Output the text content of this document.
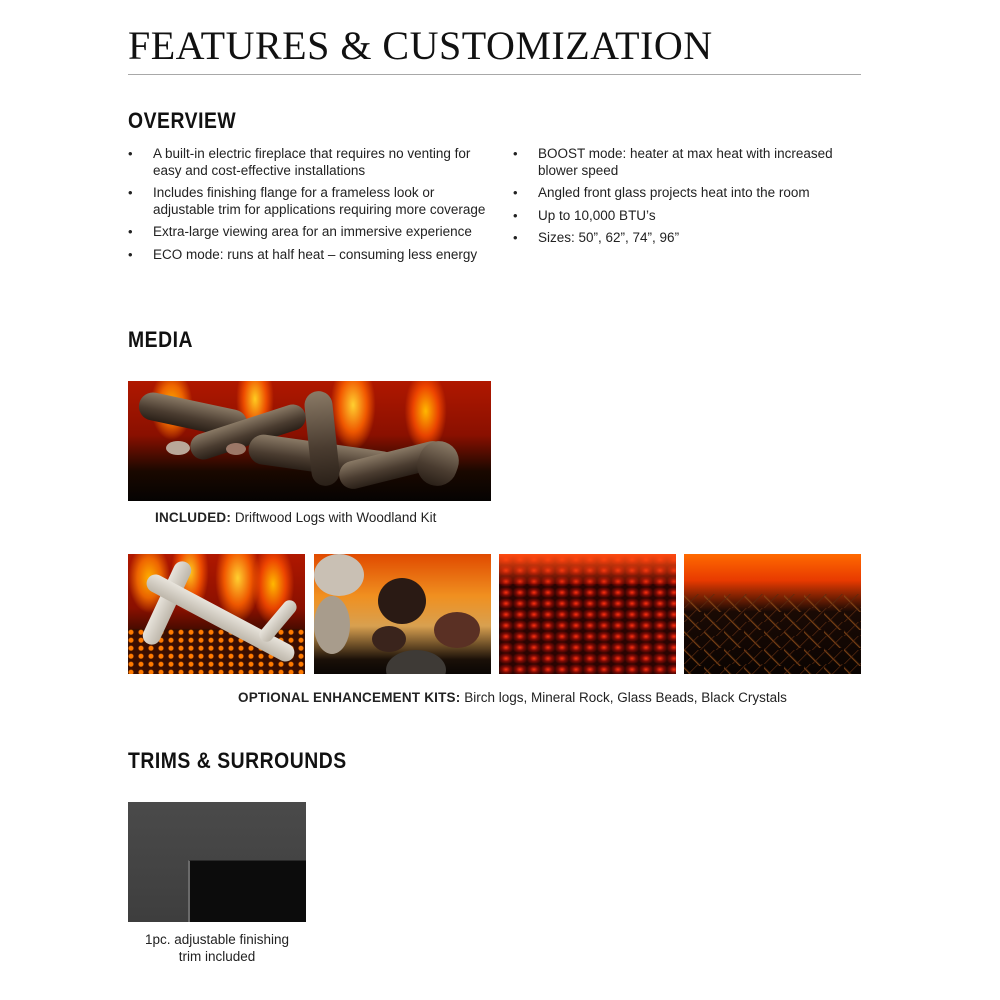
FEATURES & CUSTOMIZATION
OVERVIEW
• A built-in electric fireplace that requires no venting for easy and cost-effective installations
• Includes finishing flange for a frameless look or adjustable trim for applications requiring more coverage
• Extra-large viewing area for an immersive experience
• ECO mode: runs at half heat – consuming less energy
• BOOST mode: heater at max heat with increased blower speed
• Angled front glass projects heat into the room
• Up to 10,000 BTU’s
• Sizes: 50”, 62”, 74”, 96”
MEDIA
INCLUDED: Driftwood Logs with Woodland Kit
OPTIONAL ENHANCEMENT KITS: Birch logs, Mineral Rock, Glass Beads, Black Crystals
TRIMS & SURROUNDS
1pc. adjustable finishing
trim included
